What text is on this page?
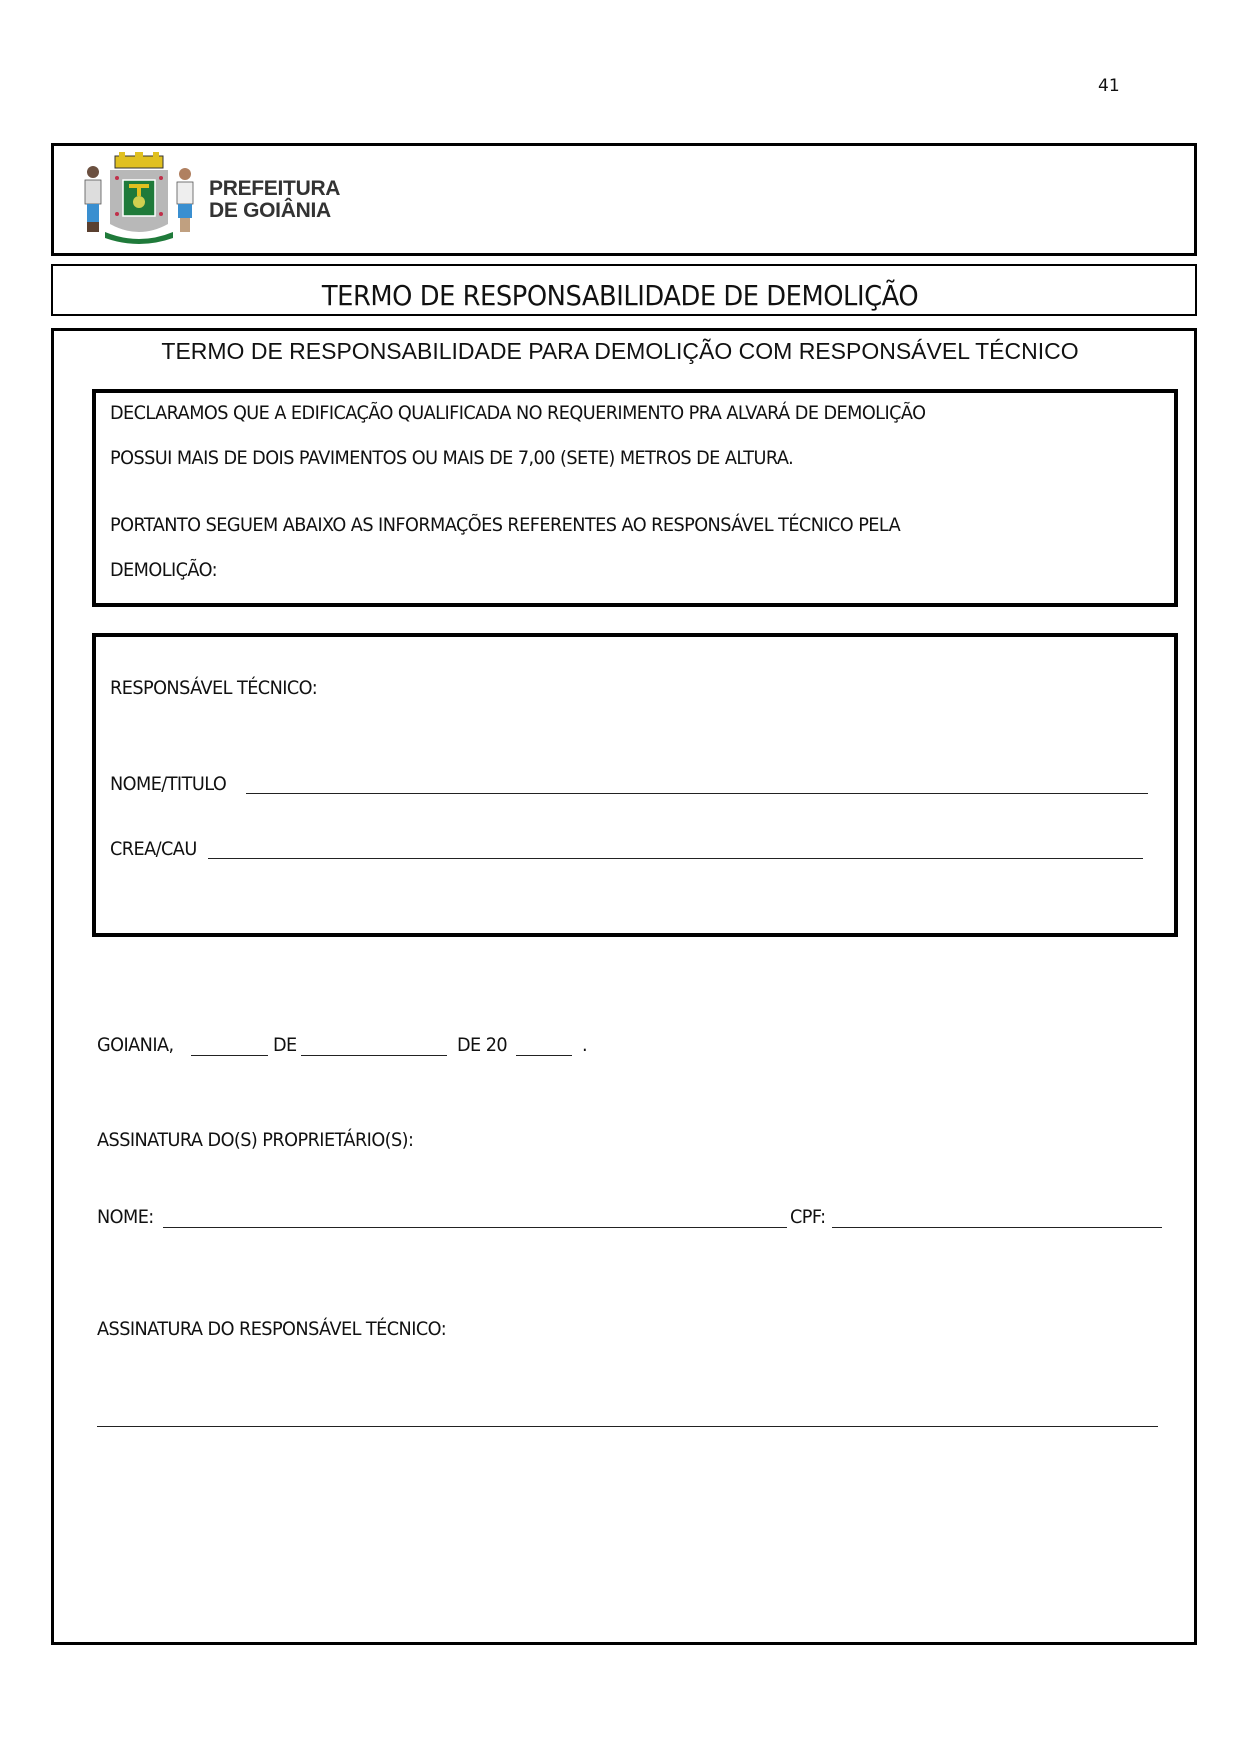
41
PREFEITURA
DE GOIÂNIA
TERMO DE RESPONSABILIDADE DE DEMOLIÇÃO
TERMO DE RESPONSABILIDADE PARA DEMOLIÇÃO COM RESPONSÁVEL TÉCNICO
DECLARAMOS QUE A EDIFICAÇÃO QUALIFICADA NO REQUERIMENTO PRA ALVARÁ DE DEMOLIÇÃO
POSSUI MAIS DE DOIS PAVIMENTOS OU MAIS DE 7,00 (SETE) METROS DE ALTURA.
PORTANTO SEGUEM ABAIXO AS INFORMAÇÕES REFERENTES AO RESPONSÁVEL TÉCNICO PELA
DEMOLIÇÃO:
RESPONSÁVEL TÉCNICO:
NOME/TITULO
CREA/CAU
GOIANIA,	DE	DE 20	.
ASSINATURA DO(S) PROPRIETÁRIO(S):
NOME:	CPF:
ASSINATURA DO RESPONSÁVEL TÉCNICO:
